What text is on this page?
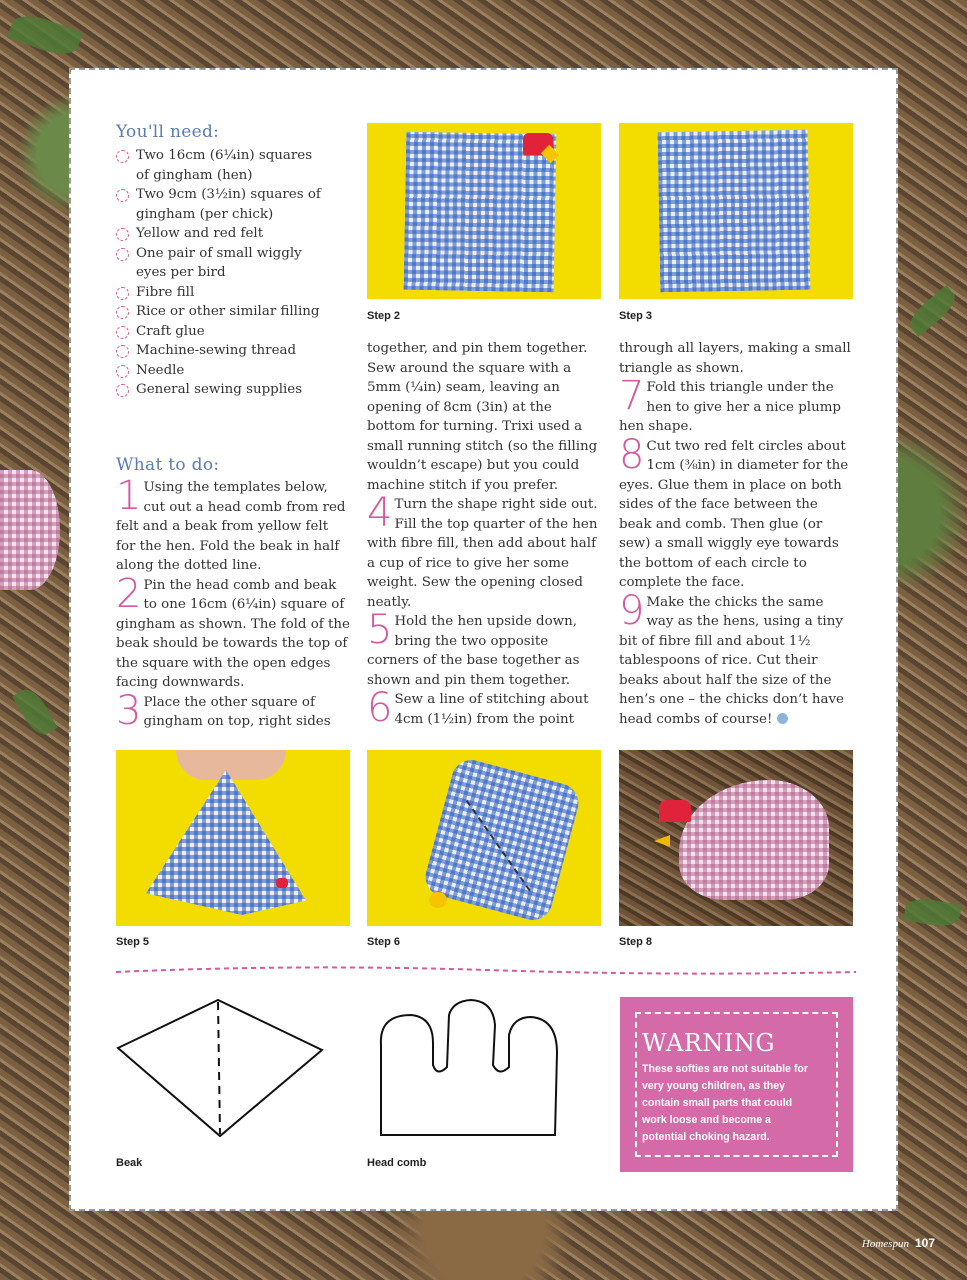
You'll need:
Two 16cm (6¼in) squares of gingham (hen)
Two 9cm (3½in) squares of gingham (per chick)
Yellow and red felt
One pair of small wiggly eyes per bird
Fibre fill
Rice or other similar filling
Craft glue
Machine-sewing thread
Needle
General sewing supplies
What to do:

1 Using the templates below, cut out a head comb from red felt and a beak from yellow felt for the hen. Fold the beak in half along the dotted line.

2 Pin the head comb and beak to one 16cm (6¼in) square of gingham as shown. The fold of the beak should be towards the top of the square with the open edges facing downwards.

3 Place the other square of gingham on top, right sides

Step 2	Step 3

together, and pin them together. Sew around the square with a 5mm (¼in) seam, leaving an opening of 8cm (3in) at the bottom for turning. Trixi used a small running stitch (so the filling wouldn’t escape) but you could machine stitch if you prefer.

4 Turn the shape right side out. Fill the top quarter of the hen with fibre fill, then add about half a cup of rice to give her some weight. Sew the opening closed neatly.

5 Hold the hen upside down, bring the two opposite corners of the base together as shown and pin them together.

6 Sew a line of stitching about 4cm (1½in) from the point

through all layers, making a small triangle as shown.

7 Fold this triangle under the hen to give her a nice plump hen shape.

8 Cut two red felt circles about 1cm (⅜in) in diameter for the eyes. Glue them in place on both sides of the face between the beak and comb. Then glue (or sew) a small wiggly eye towards the bottom of each circle to complete the face.

9 Make the chicks the same way as the hens, using a tiny bit of fibre fill and about 1½ tablespoons of rice. Cut their beaks about half the size of the hen’s one – the chicks don’t have head combs of course!

Step 5	Step 6	Step 8
Beak	Head comb
WARNING
These softies are not suitable for very young children, as they contain small parts that could work loose and become a potential choking hazard.
Homespun 107
